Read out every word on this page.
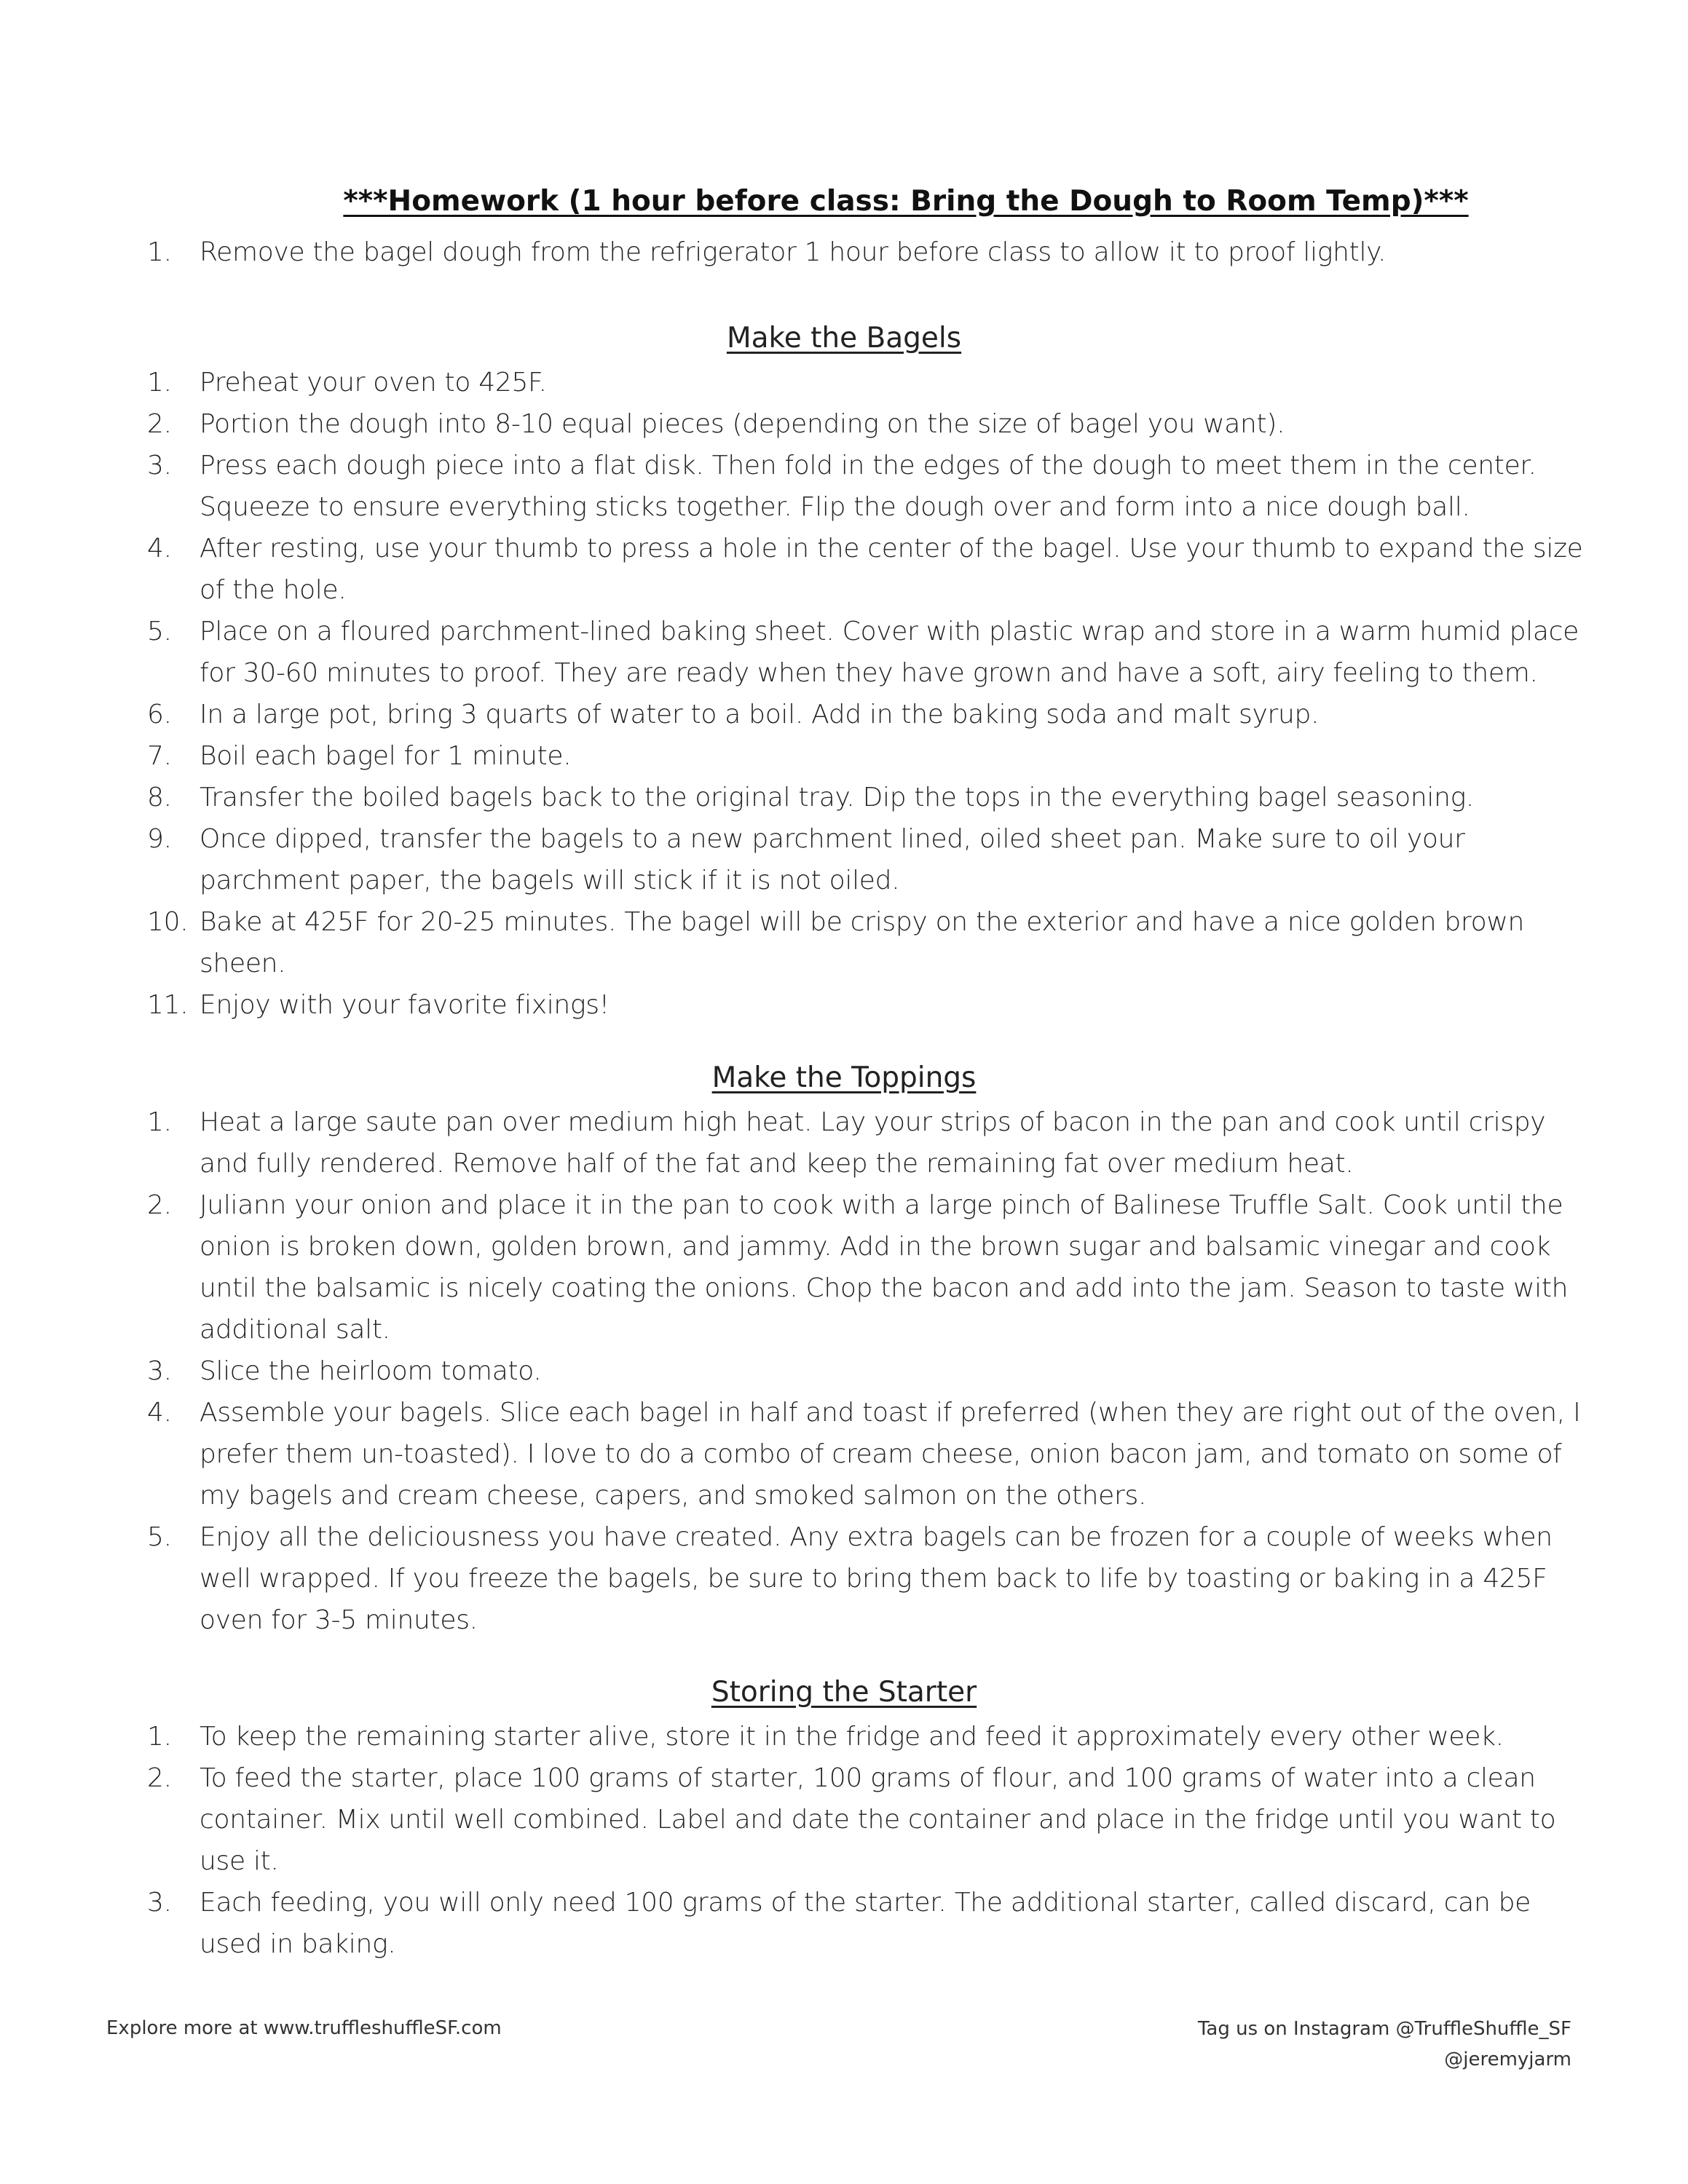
***Homework (1 hour before class: Bring the Dough to Room Temp)***
1.	Remove the bagel dough from the refrigerator 1 hour before class to allow it to proof lightly.
Make the Bagels
1.	Preheat your oven to 425F.
2.	Portion the dough into 8-10 equal pieces (depending on the size of bagel you want).
3.	Press each dough piece into a flat disk. Then fold in the edges of the dough to meet them in the center. Squeeze to ensure everything sticks together. Flip the dough over and form into a nice dough ball.
4.	After resting, use your thumb to press a hole in the center of the bagel. Use your thumb to expand the size of the hole.
5.	Place on a floured parchment-lined baking sheet. Cover with plastic wrap and store in a warm humid place for 30-60 minutes to proof. They are ready when they have grown and have a soft, airy feeling to them.
6.	In a large pot, bring 3 quarts of water to a boil. Add in the baking soda and malt syrup.
7.	Boil each bagel for 1 minute.
8.	Transfer the boiled bagels back to the original tray. Dip the tops in the everything bagel seasoning.
9.	Once dipped, transfer the bagels to a new parchment lined, oiled sheet pan. Make sure to oil your parchment paper, the bagels will stick if it is not oiled.
10. Bake at 425F for 20-25 minutes. The bagel will be crispy on the exterior and have a nice golden brown sheen.
11. Enjoy with your favorite fixings!
Make the Toppings
1.	Heat a large saute pan over medium high heat. Lay your strips of bacon in the pan and cook until crispy and fully rendered. Remove half of the fat and keep the remaining fat over medium heat.
2.	Juliann your onion and place it in the pan to cook with a large pinch of Balinese Truffle Salt. Cook until the onion is broken down, golden brown, and jammy. Add in the brown sugar and balsamic vinegar and cook until the balsamic is nicely coating the onions. Chop the bacon and add into the jam. Season to taste with additional salt.
3.	Slice the heirloom tomato.
4.	Assemble your bagels. Slice each bagel in half and toast if preferred (when they are right out of the oven, I prefer them un-toasted). I love to do a combo of cream cheese, onion bacon jam, and tomato on some of my bagels and cream cheese, capers, and smoked salmon on the others.
5.	Enjoy all the deliciousness you have created. Any extra bagels can be frozen for a couple of weeks when well wrapped. If you freeze the bagels, be sure to bring them back to life by toasting or baking in a 425F oven for 3-5 minutes.
Storing the Starter
1.	To keep the remaining starter alive, store it in the fridge and feed it approximately every other week.
2.	To feed the starter, place 100 grams of starter, 100 grams of flour, and 100 grams of water into a clean container. Mix until well combined. Label and date the container and place in the fridge until you want to use it.
3.	Each feeding, you will only need 100 grams of the starter. The additional starter, called discard, can be used in baking.
Explore more at www.truffleshuffleSF.com	Tag us on Instagram @TruffleShuffle_SF
@jeremyjarm
